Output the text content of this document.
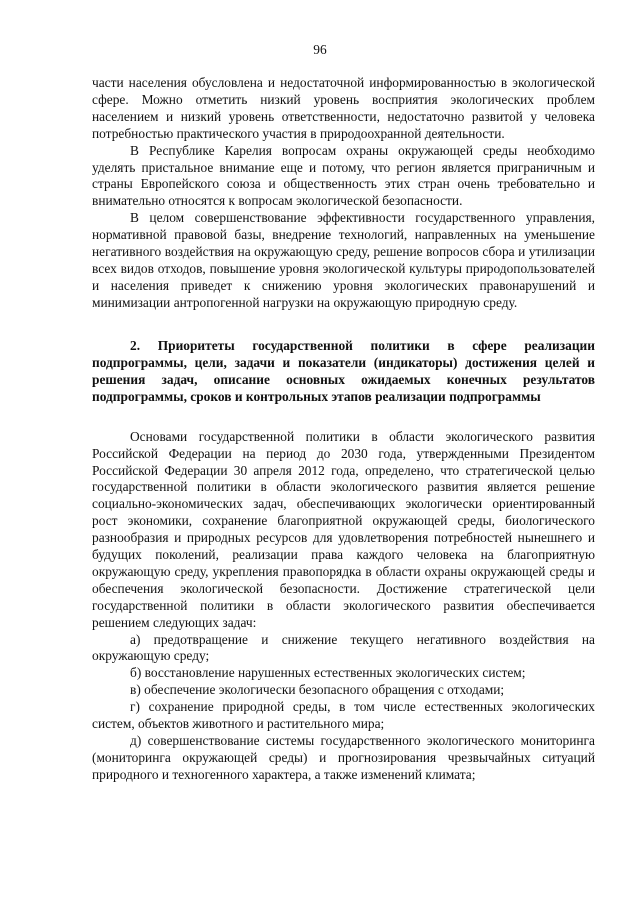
96

части населения обусловлена и недостаточной информированностью в экологической сфере. Можно отметить низкий уровень восприятия экологических проблем населением и низкий уровень ответственности, недостаточно развитой у человека потребностью практического участия в природоохранной деятельности.

В Республике Карелия вопросам охраны окружающей среды необходимо уделять пристальное внимание еще и потому, что регион является приграничным и страны Европейского союза и общественность этих стран очень требовательно и внимательно относятся к вопросам экологической безопасности.

В целом совершенствование эффективности государственного управления, нормативной правовой базы, внедрение технологий, направленных на уменьшение негативного воздействия на окружающую среду, решение вопросов сбора и утилизации всех видов отходов, повышение уровня экологической культуры природопользователей и населения приведет к снижению уровня экологических правонарушений и минимизации антропогенной нагрузки на окружающую природную среду.

2. Приоритеты государственной политики в сфере реализации подпрограммы, цели, задачи и показатели (индикаторы) достижения целей и решения задач, описание основных ожидаемых конечных результатов подпрограммы, сроков и контрольных этапов реализации подпрограммы

Основами государственной политики в области экологического развития Российской Федерации на период до 2030 года, утвержденными Президентом Российской Федерации 30 апреля 2012 года, определено, что стратегической целью государственной политики в области экологического развития является решение социально-экономических задач, обеспечивающих экологически ориентированный рост экономики, сохранение благоприятной окружающей среды, биологического разнообразия и природных ресурсов для удовлетворения потребностей нынешнего и будущих поколений, реализации права каждого человека на благоприятную окружающую среду, укрепления правопорядка в области охраны окружающей среды и обеспечения экологической безопасности. Достижение стратегической цели государственной политики в области экологического развития обеспечивается решением следующих задач:

а) предотвращение и снижение текущего негативного воздействия на окружающую среду;

б) восстановление нарушенных естественных экологических систем;

в) обеспечение экологически безопасного обращения с отходами;

г) сохранение природной среды, в том числе естественных экологических систем, объектов животного и растительного мира;

д) совершенствование системы государственного экологического мониторинга (мониторинга окружающей среды) и прогнозирования чрезвычайных ситуаций природного и техногенного характера, а также изменений климата;
